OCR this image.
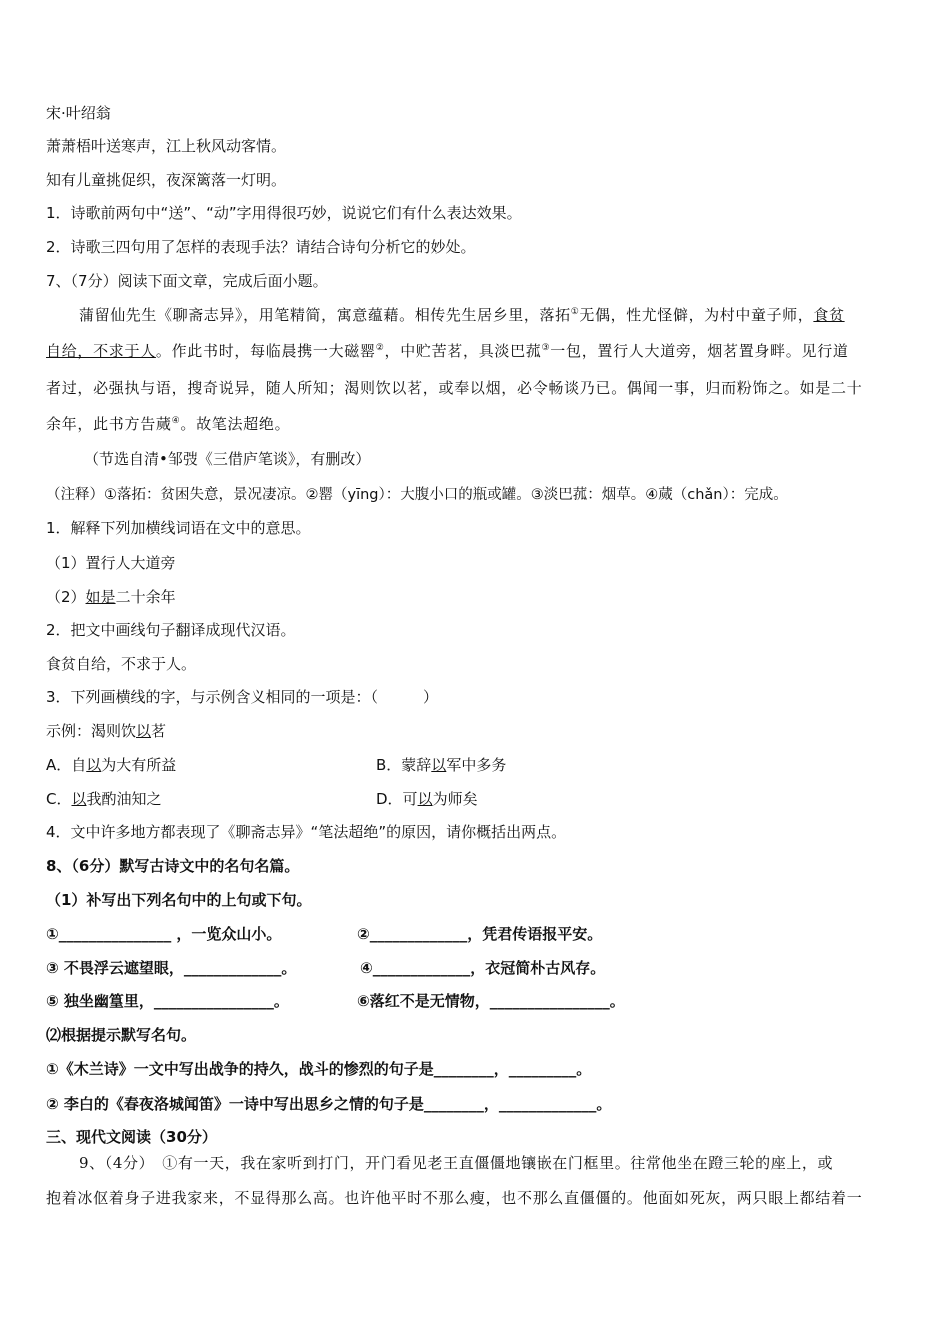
宋·叶绍翁
萧萧梧叶送寒声，江上秋风动客情。
知有儿童挑促织，夜深篱落一灯明。
1．诗歌前两句中“送”、“动”字用得很巧妙，说说它们有什么表达效果。
2．诗歌三四句用了怎样的表现手法？请结合诗句分析它的妙处。
7、（7分）阅读下面文章，完成后面小题。
蒲留仙先生《聊斋志异》，用笔精简，寓意蕴藉。相传先生居乡里，落拓①无偶，性尤怪僻，为村中童子师，食贫
自给，不求于人。作此书时，每临晨携一大磁罂②，中贮苦茗，具淡巴菰③一包，置行人大道旁，烟茗置身畔。见行道
者过，必强执与语，搜奇说异，随人所知；渴则饮以茗，或奉以烟，必令畅谈乃已。偶闻一事，归而粉饰之。如是二十
余年，此书方告蒇④。故笔法超绝。
（节选自清•邹弢《三借庐笔谈》，有删改）
（注释）①落拓：贫困失意，景况凄凉。②罂（yīng）：大腹小口的瓶或罐。③淡巴菰：烟草。④蒇（chǎn）：完成。
1．解释下列加横线词语在文中的意思。
（1）置行人大道旁
（2）如是二十余年
2．把文中画线句子翻译成现代汉语。
食贫自给，不求于人。
3．下列画横线的字，与示例含义相同的一项是：（　　　）
示例：渴则饮以茗
A．自以为大有所益	B．蒙辞以军中多务
C．以我酌油知之	D．可以为师矣
4．文中许多地方都表现了《聊斋志异》“笔法超绝”的原因，请你概括出两点。
8、（6分）默写古诗文中的名句名篇。
（1）补写出下列名句中的上句或下句。
①_______________ ，一览众山小。	②_____________，凭君传语报平安。
③ 不畏浮云遮望眼，_____________。	④_____________，衣冠简朴古风存。
⑤ 独坐幽篁里，________________。	⑥落红不是无情物，________________。
⑵根据提示默写名句。
①《木兰诗》一文中写出战争的持久，战斗的惨烈的句子是________，_________。
② 李白的《春夜洛城闻笛》一诗中写出思乡之情的句子是________，_____________。
三、现代文阅读（30分）
9、（4分）　①有一天，我在家听到打门，开门看见老王直僵僵地镶嵌在门框里。往常他坐在蹬三轮的座上，或
抱着冰伛着身子进我家来，不显得那么高。也许他平时不那么瘦，也不那么直僵僵的。他面如死灰，两只眼上都结着一
